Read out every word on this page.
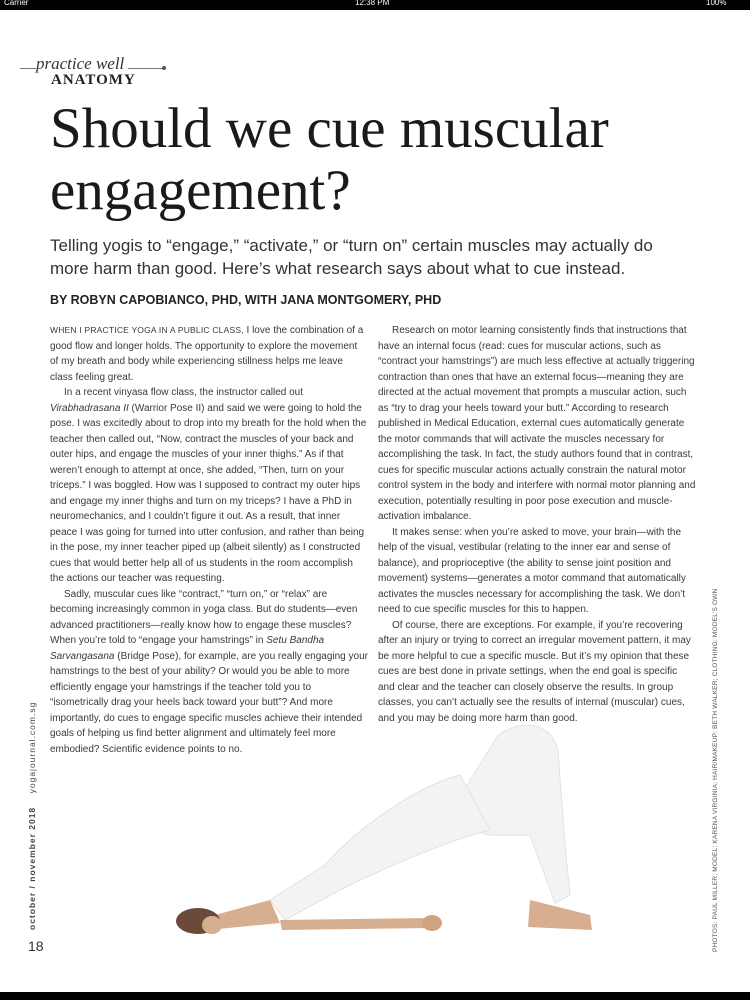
Carrier	12:38 PM	100%
practice well
ANATOMY
Should we cue muscular engagement?

Telling yogis to “engage,” “activate,” or “turn on” certain muscles may actually do more harm than good. Here’s what research says about what to cue instead.

BY ROBYN CAPOBIANCO, PHD, WITH JANA MONTGOMERY, PHD

WHEN I PRACTICE YOGA IN A PUBLIC CLASS, I love the combination of a good flow and longer holds. The opportunity to explore the movement of my breath and body while experiencing stillness helps me leave class feeling great.

In a recent vinyasa flow class, the instructor called out Virabhadrasana II (Warrior Pose II) and said we were going to hold the pose. I was excitedly about to drop into my breath for the hold when the teacher then called out, “Now, contract the muscles of your back and outer hips, and engage the muscles of your inner thighs.” As if that weren’t enough to attempt at once, she added, “Then, turn on your triceps.” I was boggled. How was I supposed to contract my outer hips and engage my inner thighs and turn on my triceps? I have a PhD in neuromechanics, and I couldn’t figure it out. As a result, that inner peace I was going for turned into utter confusion, and rather than being in the pose, my inner teacher piped up (albeit silently) as I constructed cues that would better help all of us students in the room accomplish the actions our teacher was requesting.

Sadly, muscular cues like “contract,” “turn on,” or “relax” are becoming increasingly common in yoga class. But do students—even advanced practitioners—really know how to engage these muscles? When you’re told to “engage your hamstrings” in Setu Bandha Sarvangasana (Bridge Pose), for example, are you really engaging your hamstrings to the best of your ability? Or would you be able to more efficiently engage your hamstrings if the teacher told you to “isometrically drag your heels back toward your butt”? And more importantly, do cues to engage specific muscles achieve their intended goals of helping us find better alignment and ultimately feel more embodied? Scientific evidence points to no.

Research on motor learning consistently finds that instructions that have an internal focus (read: cues for muscular actions, such as “contract your hamstrings”) are much less effective at actually triggering contraction than ones that have an external focus—meaning they are directed at the actual movement that prompts a muscular action, such as “try to drag your heels toward your butt.” According to research published in Medical Education, external cues automatically generate the motor commands that will activate the muscles necessary for accomplishing the task. In fact, the study authors found that in contrast, cues for specific muscular actions actually constrain the natural motor control system in the body and interfere with normal motor planning and execution, potentially resulting in poor pose execution and muscle-activation imbalance.

It makes sense: when you’re asked to move, your brain—with the help of the visual, vestibular (relating to the inner ear and sense of balance), and proprioceptive (the ability to sense joint position and movement) systems—generates a motor command that automatically activates the muscles necessary for accomplishing the task. We don’t need to cue specific muscles for this to happen.

Of course, there are exceptions. For example, if you’re recovering after an injury or trying to correct an irregular movement pattern, it may be more helpful to cue a specific muscle. But it’s my opinion that these cues are best done in private settings, when the end goal is specific and clear and the teacher can closely observe the results. In group classes, you can’t actually see the results of internal (muscular) cues, and you may be doing more harm than good.	PHOTOS: PAUL MILLER; MODEL: KARENA VIRGINIA; HAIR/MAKEUP: BETH WALKER; CLOTHING: MODEL'S OWN
october / november 2018    yogajournal.com.sg
18
